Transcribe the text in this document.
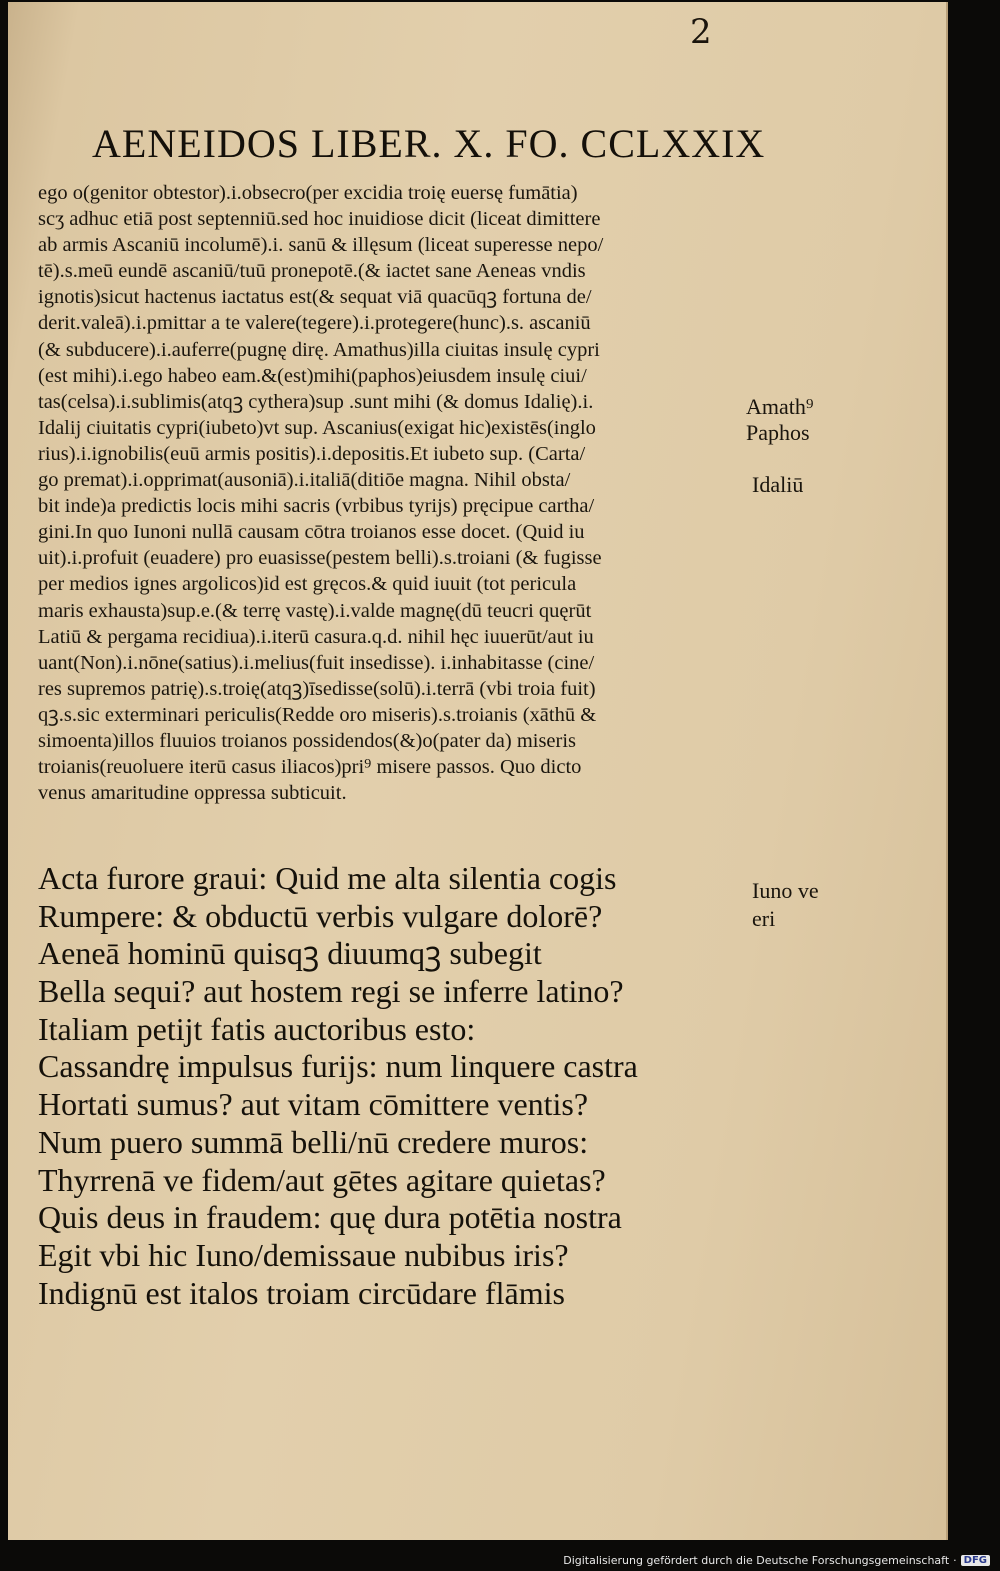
2
AENEIDOS LIBER. X. FO. CCLXXIX
ego o(genitor obtestor).i.obsecro(per excidia troię euersę fumātia)
scʒ adhuc etiā post septenniū.sed hoc inuidiose dicit (liceat dimittere
ab armis Ascaniū incolumē).i. sanū & illęsum (liceat superesse nepo/
tē).s.meū eundē ascaniū/tuū pronepotē.(& iactet sane Aeneas vndis
ignotis)sicut hactenus iactatus est(& sequat viā quacūqꝫ fortuna de/
derit.valeā).i.pmittar a te valere(tegere).i.protegere(hunc).s. ascaniū
(& subducere).i.auferre(pugnę dirę. Amathus)illa ciuitas insulę cypri
(est mihi).i.ego habeo eam.&(est)mihi(paphos)eiusdem insulę ciui/
tas(celsa).i.sublimis(atqꝫ cythera)sup .sunt mihi (& domus Idalię).i.
Idalij ciuitatis cypri(iubeto)vt sup. Ascanius(exigat hic)existēs(inglo
rius).i.ignobilis(euū armis positis).i.depositis.Et iubeto sup. (Carta/
go premat).i.opprimat(ausoniā).i.italiā(ditiōe magna. Nihil obsta/
bit inde)a predictis locis mihi sacris (vrbibus tyrijs) pręcipue cartha/
gini.In quo Iunoni nullā causam cōtra troianos esse docet. (Quid iu
uit).i.profuit (euadere) pro euasisse(pestem belli).s.troiani (& fugisse
per medios ignes argolicos)id est gręcos.& quid iuuit (tot pericula
maris exhausta)sup.e.(& terrę vastę).i.valde magnę(dū teucri quęrūt
Latiū & pergama recidiua).i.iterū casura.q.d. nihil hęc iuuerūt/aut iu
uant(Non).i.nōne(satius).i.melius(fuit insedisse). i.inhabitasse (cine/
res supremos patrię).s.troię(atqꝫ)īsedisse(solū).i.terrā (vbi troia fuit)
qꝫ.s.sic exterminari periculis(Redde oro miseris).s.troianis (xāthū &
simoenta)illos fluuios troianos possidendos(&)o(pater da) miseris
troianis(reuoluere iterū casus iliacos)pri⁹ misere passos. Quo dicto
venus amaritudine oppressa subticuit.
Acta furore graui: Quid me alta silentia cogis
Rumpere: & obductū verbis vulgare dolorē?
Aeneā hominū quisqꝫ diuumqꝫ subegit
Bella sequi? aut hostem regi se inferre latino?
Italiam petijt fatis auctoribus esto:
Cassandrę impulsus furijs: num linquere castra
Hortati sumus? aut vitam cōmittere ventis?
Num puero summā belli/nū credere muros:
Thyrrenā ve fidem/aut gētes agitare quietas?
Quis deus in fraudem: quę dura potētia nostra
Egit vbi hic Iuno/demissaue nubibus iris?
Indignū est italos troiam circūdare flāmis
Amath⁹
Paphos
Idaliū
Iuno ve
eri
Digitalisierung gefördert durch die Deutsche Forschungsgemeinschaft · DFG
